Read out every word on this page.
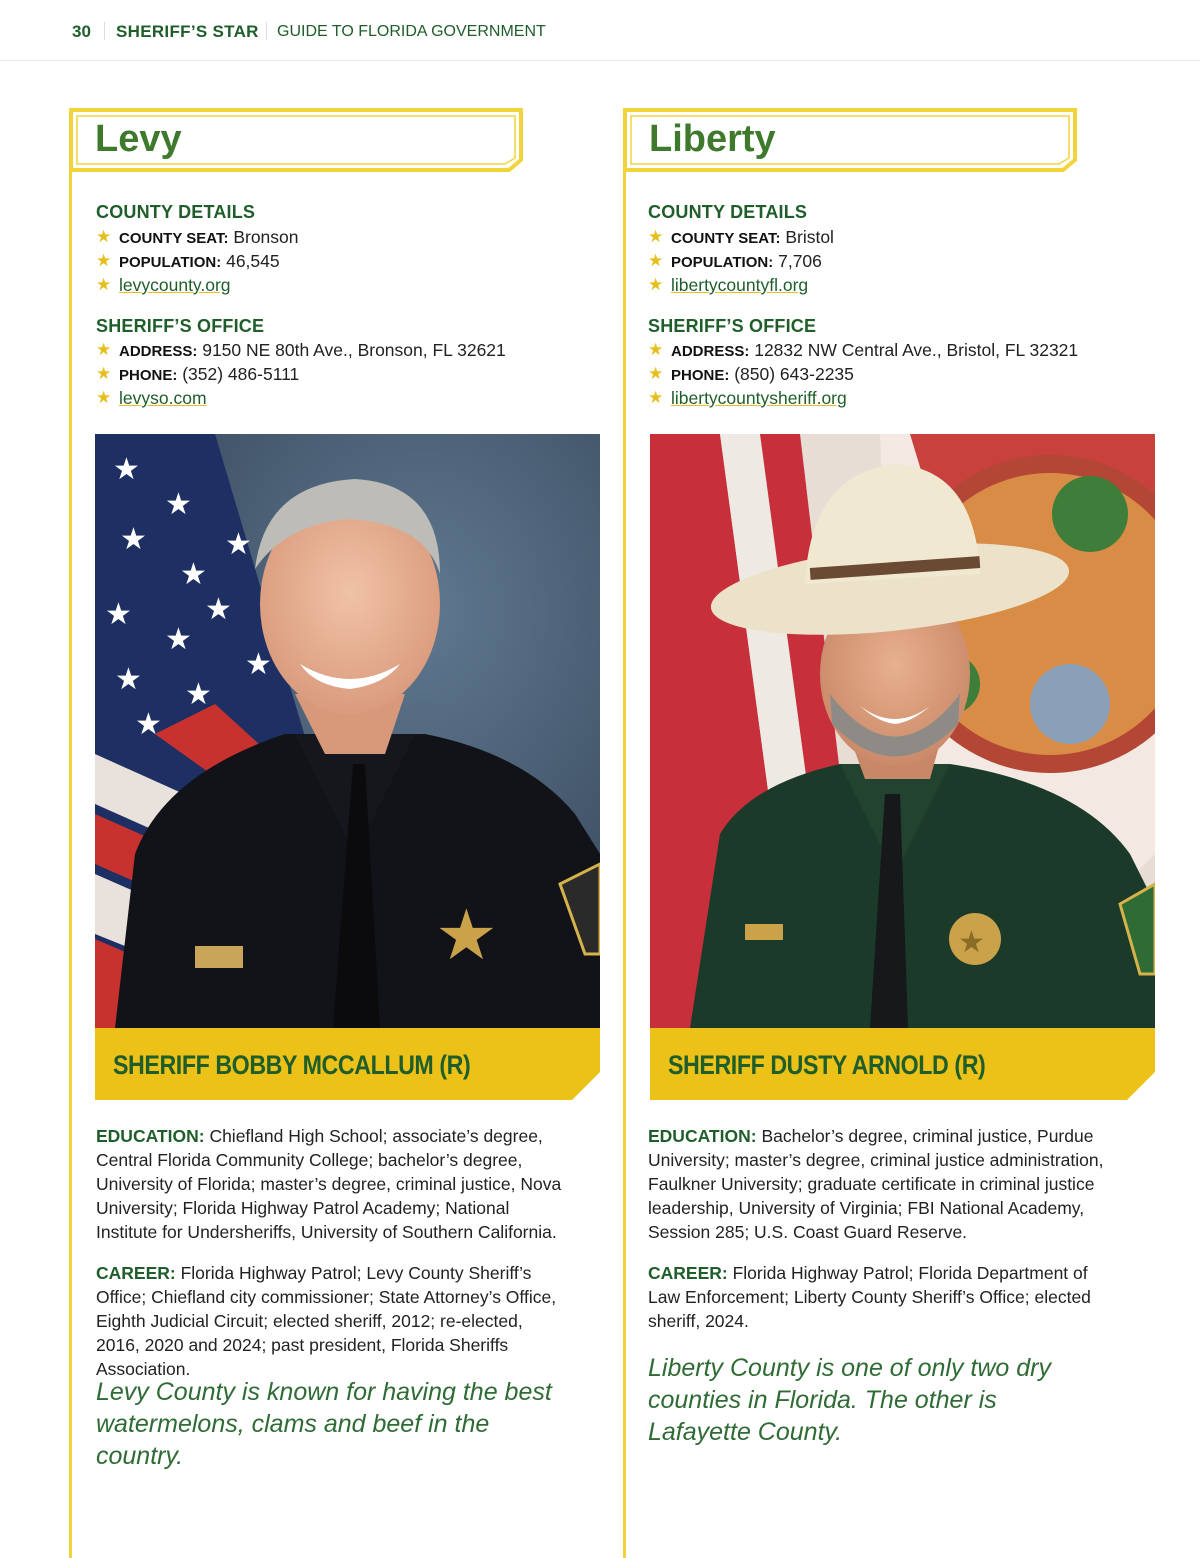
30 SHERIFF’S STAR GUIDE TO FLORIDA GOVERNMENT
Levy
COUNTY DETAILS
★ COUNTY SEAT: Bronson
★ POPULATION: 46,545
★ levycounty.org
SHERIFF’S OFFICE
★ ADDRESS: 9150 NE 80th Ave., Bronson, FL 32621
★ PHONE: (352) 486-5111
★ levyso.com
★
★
★
★
★
★
★
★
★ ★
★
★
★
SHERIFF BOBBY MCCALLUM (R)
EDUCATION: Chiefland High School; associate’s degree, Central Florida Community College; bachelor’s degree, University of Florida; master’s degree, criminal justice, Nova University; Florida Highway Patrol Academy; National Institute for Undersheriffs, University of Southern California.
CAREER: Florida Highway Patrol; Levy County Sheriff’s Office; Chiefland city commissioner; State Attorney’s Office, Eighth Judicial Circuit; elected sheriff, 2012; re-elected, 2016, 2020 and 2024; past president, Florida Sheriffs Association.
Levy County is known for having the best watermelons, clams and beef in the country.
Liberty
COUNTY DETAILS
★ COUNTY SEAT: Bristol
★ POPULATION: 7,706
★ libertycountyfl.org
SHERIFF’S OFFICE
★ ADDRESS: 12832 NW Central Ave., Bristol, FL 32321
★ PHONE: (850) 643-2235
★ libertycountysheriff.org
★
SHERIFF DUSTY ARNOLD (R)
EDUCATION: Bachelor’s degree, criminal justice, Purdue University; master’s degree, criminal justice administration, Faulkner University; graduate certificate in criminal justice leadership, University of Virginia; FBI National Academy, Session 285; U.S. Coast Guard Reserve.
CAREER: Florida Highway Patrol; Florida Department of Law Enforcement; Liberty County Sheriff’s Office; elected sheriff, 2024.
Liberty County is one of only two dry counties in Florida. The other is Lafayette County.
